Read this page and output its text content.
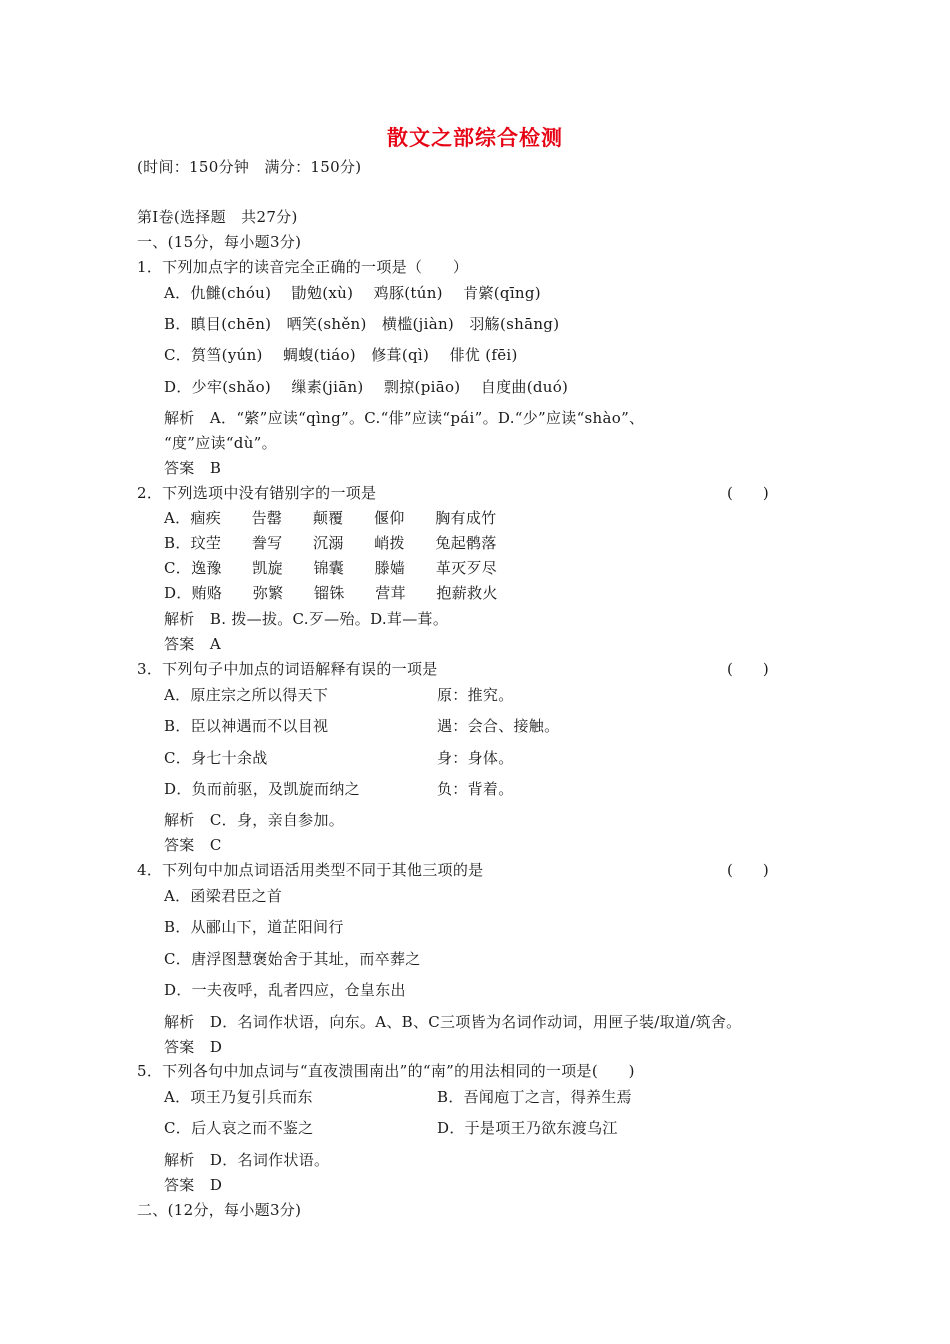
散文之部综合检测
(时间：150分钟　满分：150分)
第Ⅰ卷(选择题　共27分)
一、(15分，每小题3分)
1．下列加点字的读音完全正确的一项是（　　）
A．仇雠(chóu)　 勖勉(xù)　 鸡豚(tún)　 肯綮(qīng)
B．瞋目(chēn)　哂笑(shěn)　横槛(jiàn)　羽觞(shāng)
C．筼筜(yún)　 蜩蝮(tiáo)　修葺(qì)　 俳优 (fēi)
D．少牢(shǎo)　 缫素(jiān)　 剽掠(piāo)　 自度曲(duó)
解析　A．“綮”应读“qìng”。C.“俳”应读“pái”。D.“少”应读“shào”、
“度”应读“dù”。
答案　B
2．下列选项中没有错别字的一项是	(　　)
A．痼疾　　告罄　　颠覆　　偃仰　　胸有成竹
B．玟茔　　誊写　　沉溺　　峭拨　　兔起鹘落
C．逸豫　　凯旋　　锦囊　　滕嫱　　革灭歹尽
D．贿赂　　弥繁　　镏铢　　营茸　　抱薪救火
解析　B. 拨—拔。C.歹—殆。D.茸—葺。
答案　A
3．下列句子中加点的词语解释有误的一项是	(　　)
A．原庄宗之所以得天下	原：推究。
B．臣以神遇而不以目视	遇：会合、接触。
C．身七十余战	身：身体。
D．负而前驱，及凯旋而纳之	负：背着。
解析　C．身，亲自参加。
答案　C
4．下列句中加点词语活用类型不同于其他三项的是	(　　)
A．函梁君臣之首
B．从郦山下，道芷阳间行
C．唐浮图慧褒始舍于其址，而卒葬之
D．一夫夜呼，乱者四应，仓皇东出
解析　D．名词作状语，向东。A、B、C三项皆为名词作动词，用匣子装/取道/筑舍。
答案　D
5．下列各句中加点词与“直夜溃围南出”的“南”的用法相同的一项是(　　)
A．项王乃复引兵而东	B．吾闻庖丁之言，得养生焉
C．后人哀之而不鉴之	D．于是项王乃欲东渡乌江
解析　D．名词作状语。
答案　D
二、(12分，每小题3分)
